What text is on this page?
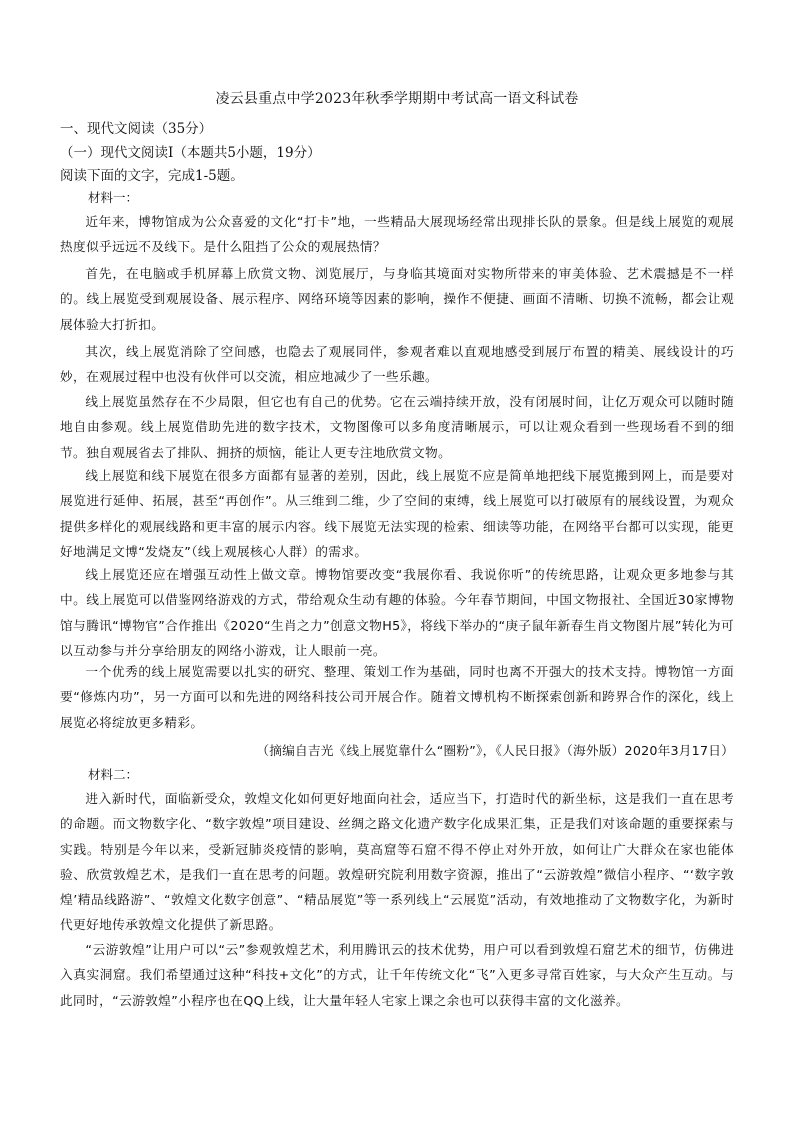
凌云县重点中学2023年秋季学期期中考试高一语文科试卷
一、现代文阅读（35分）
（一）现代文阅读Ⅰ（本题共5小题，19分）
阅读下面的文字，完成1-5题。
材料一：
近年来，博物馆成为公众喜爱的文化“打卡”地，一些精品大展现场经常出现排长队的景象。但是线上展览的观展热度似乎远远不及线下。是什么阻挡了公众的观展热情？
首先，在电脑或手机屏幕上欣赏文物、浏览展厅，与身临其境面对实物所带来的审美体验、艺术震撼是不一样的。线上展览受到观展设备、展示程序、网络环境等因素的影响，操作不便捷、画面不清晰、切换不流畅，都会让观展体验大打折扣。
其次，线上展览消除了空间感，也隐去了观展同伴，参观者难以直观地感受到展厅布置的精美、展线设计的巧妙，在观展过程中也没有伙伴可以交流，相应地减少了一些乐趣。
线上展览虽然存在不少局限，但它也有自己的优势。它在云端持续开放，没有闭展时间，让亿万观众可以随时随地自由参观。线上展览借助先进的数字技术，文物图像可以多角度清晰展示，可以让观众看到一些现场看不到的细节。独自观展省去了排队、拥挤的烦恼，能让人更专注地欣赏文物。
线上展览和线下展览在很多方面都有显著的差别，因此，线上展览不应是简单地把线下展览搬到网上，而是要对展览进行延伸、拓展，甚至“再创作”。从三维到二维，少了空间的束缚，线上展览可以打破原有的展线设置，为观众提供多样化的观展线路和更丰富的展示内容。线下展览无法实现的检索、细读等功能，在网络平台都可以实现，能更好地满足文博“发烧友”（线上观展核心人群）的需求。
线上展览还应在增强互动性上做文章。博物馆要改变“我展你看、我说你听”的传统思路，让观众更多地参与其中。线上展览可以借鉴网络游戏的方式，带给观众生动有趣的体验。今年春节期间，中国文物报社、全国近30家博物馆与腾讯“博物官”合作推出《2020“生肖之力”创意文物H5》，将线下举办的“庚子鼠年新春生肖文物图片展”转化为可以互动参与并分享给朋友的网络小游戏，让人眼前一亮。
一个优秀的线上展览需要以扎实的研究、整理、策划工作为基础，同时也离不开强大的技术支持。博物馆一方面要“修炼内功”，另一方面可以和先进的网络科技公司开展合作。随着文博机构不断探索创新和跨界合作的深化，线上展览必将绽放更多精彩。
（摘编自吉光《线上展览靠什么“圈粉”》，《人民日报》（海外版）2020年3月17日）
材料二：
进入新时代，面临新受众，敦煌文化如何更好地面向社会，适应当下，打造时代的新坐标，这是我们一直在思考的命题。而文物数字化、“数字敦煌”项目建设、丝绸之路文化遗产数字化成果汇集，正是我们对该命题的重要探索与实践。特别是今年以来，受新冠肺炎疫情的影响，莫高窟等石窟不得不停止对外开放，如何让广大群众在家也能体验、欣赏敦煌艺术，是我们一直在思考的问题。敦煌研究院利用数字资源，推出了“云游敦煌”微信小程序、“‘数字敦煌’精品线路游”、“敦煌文化数字创意”、“精品展览”等一系列线上“云展览”活动，有效地推动了文物数字化，为新时代更好地传承敦煌文化提供了新思路。
“云游敦煌”让用户可以“云”参观敦煌艺术，利用腾讯云的技术优势，用户可以看到敦煌石窟艺术的细节，仿佛进入真实洞窟。我们希望通过这种“科技+文化”的方式，让千年传统文化“飞”入更多寻常百姓家，与大众产生互动。与此同时，“云游敦煌”小程序也在QQ上线，让大量年轻人宅家上课之余也可以获得丰富的文化滋养。
